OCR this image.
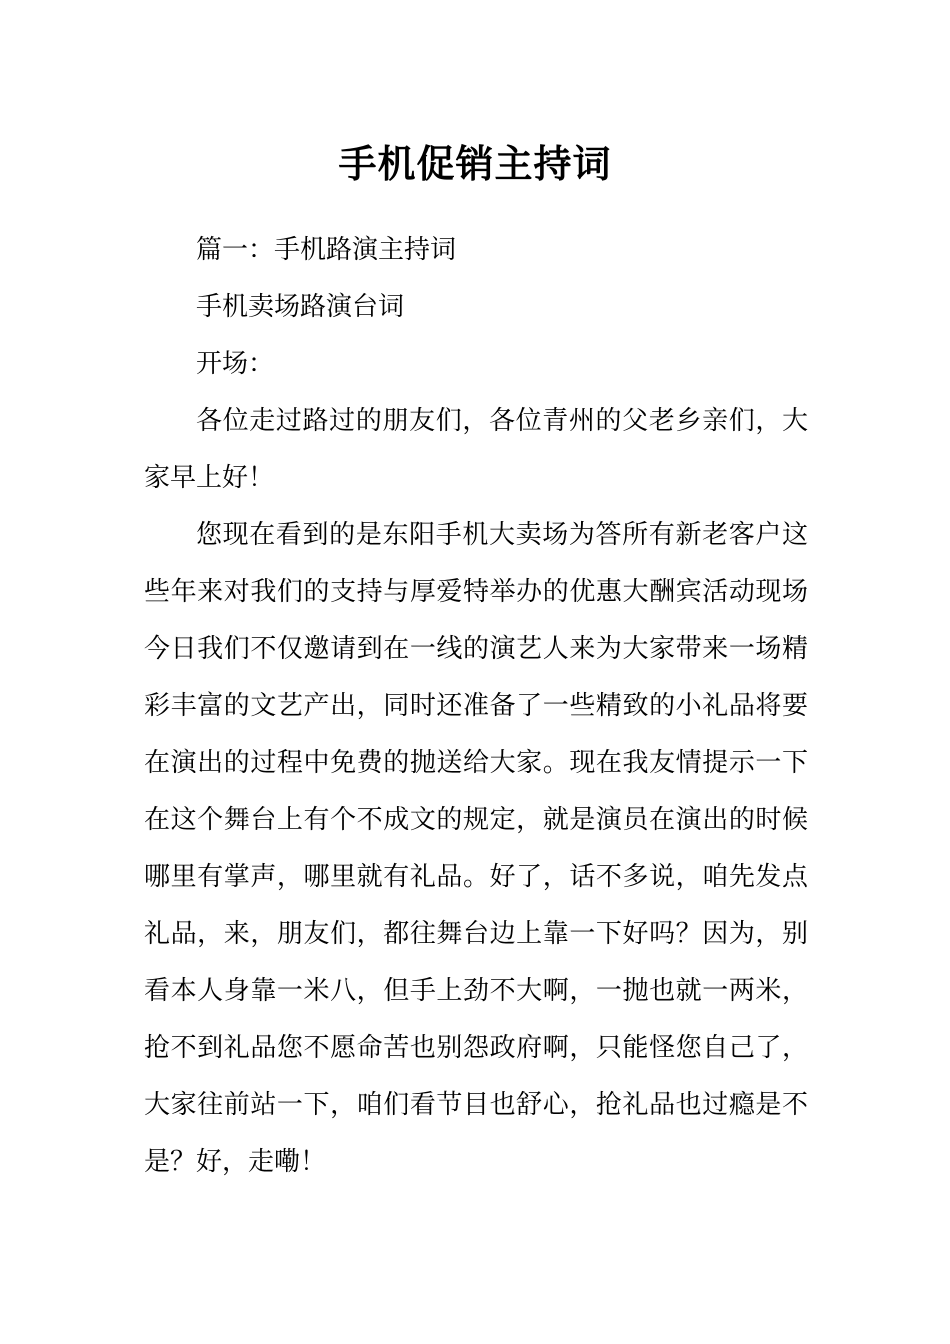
手机促销主持词

篇一：手机路演主持词

手机卖场路演台词

开场：

各位走过路过的朋友们，各位青州的父老乡亲们，大家早上好！

您现在看到的是东阳手机大卖场为答所有新老客户这些年来对我们的支持与厚爱特举办的优惠大酬宾活动现场今日我们不仅邀请到在一线的演艺人来为大家带来一场精彩丰富的文艺产出，同时还准备了一些精致的小礼品将要在演出的过程中免费的抛送给大家。现在我友情提示一下在这个舞台上有个不成文的规定，就是演员在演出的时候哪里有掌声，哪里就有礼品。好了，话不多说，咱先发点礼品，来，朋友们，都往舞台边上靠一下好吗？因为，别看本人身靠一米八，但手上劲不大啊，一抛也就一两米，抢不到礼品您不愿命苦也别怨政府啊，只能怪您自己了，大家往前站一下，咱们看节目也舒心，抢礼品也过瘾是不是？好，走嘞！
